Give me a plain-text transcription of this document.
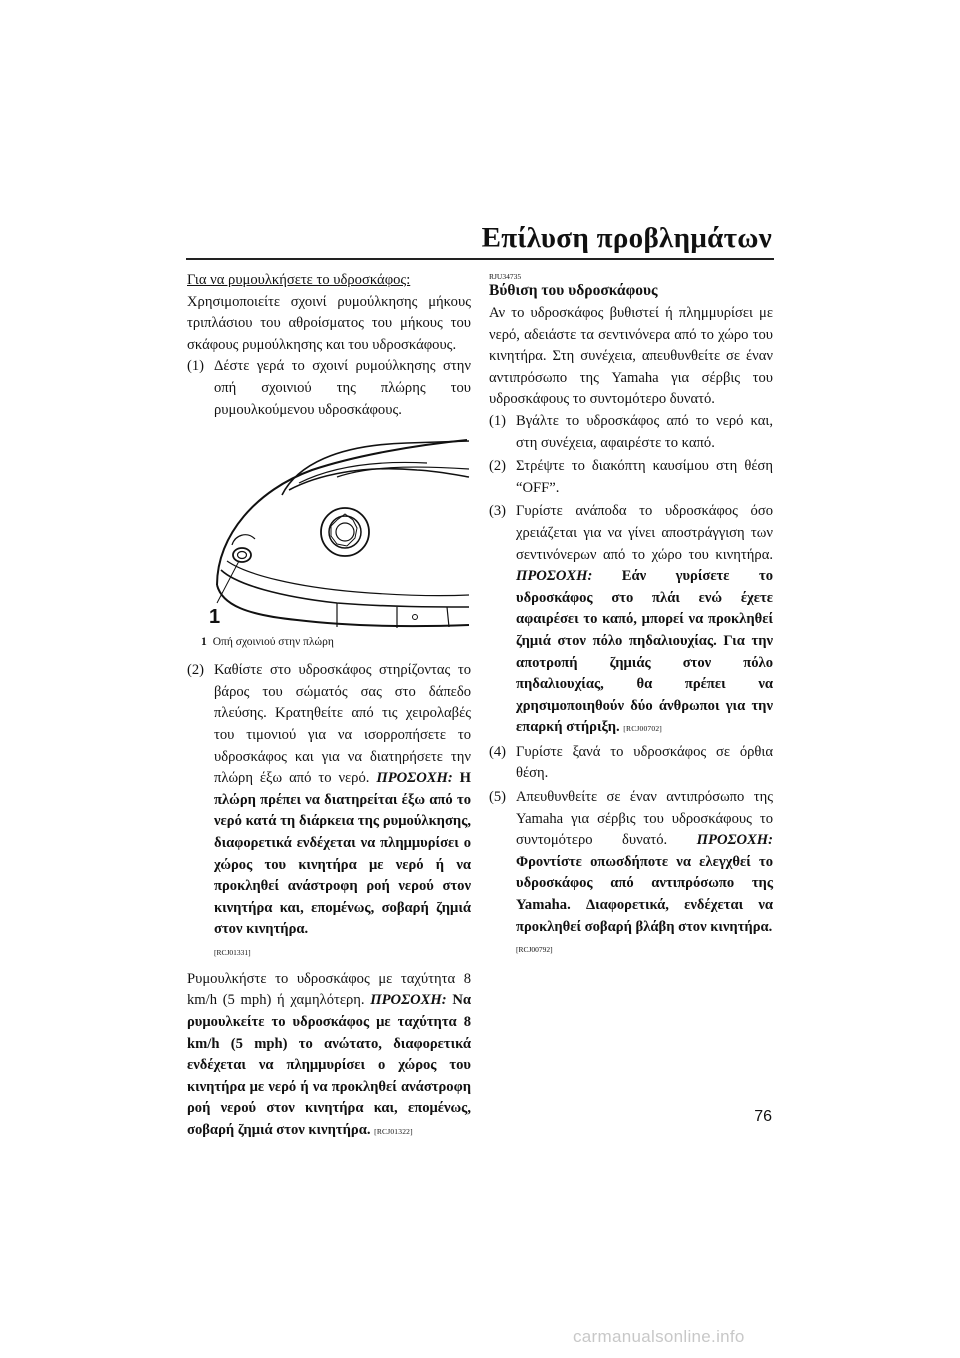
Επίλυση προβλημάτων

Για να ρυμουλκήσετε το υδροσκάφος:

Χρησιμοποιείτε σχοινί ρυμούλκησης μήκους τριπλάσιου του αθροίσματος του μήκους του σκάφους ρυμούλκησης και του υδροσκάφους.

(1) Δέστε γερά το σχοινί ρυμούλκησης στην οπή σχοινιού της πλώρης του ρυμουλκούμενου υδροσκάφους.
1
1 Οπή σχοινιού στην πλώρη
(2) Καθίστε στο υδροσκάφος στηρίζοντας το βάρος του σώματός σας στο δάπεδο πλεύσης. Κρατηθείτε από τις χειρολαβές του τιμονιού για να ισορροπήσετε το υδροσκάφος και για να διατηρήσετε την πλώρη έξω από το νερό. ΠΡΟΣΟΧΗ: Η πλώρη πρέπει να διατηρείται έξω από το νερό κατά τη διάρκεια της ρυμούλκησης, διαφορετικά ενδέχεται να πλημμυρίσει ο χώρος του κινητήρα με νερό ή να προκληθεί ανάστροφη ροή νερού στον κινητήρα και, επομένως, σοβαρή ζημιά στον κινητήρα.
[RCJ01331]

Ρυμουλκήστε το υδροσκάφος με ταχύτητα 8 km/h (5 mph) ή χαμηλότερη. ΠΡΟΣΟΧΗ: Να ρυμουλκείτε το υδροσκάφος με ταχύτητα 8 km/h (5 mph) το ανώτατο, διαφορετικά ενδέχεται να πλημμυρίσει ο χώρος του κινητήρα με νερό ή να προκληθεί ανάστροφη ροή νερού στον κινητήρα και, επομένως, σοβαρή ζημιά στον κινητήρα. [RCJ01322]

RJU34735
Βύθιση του υδροσκάφους

Αν το υδροσκάφος βυθιστεί ή πλημμυρίσει με νερό, αδειάστε τα σεντινόνερα από το χώρο του κινητήρα. Στη συνέχεια, απευθυνθείτε σε έναν αντιπρόσωπο της Yamaha για σέρβις του υδροσκάφους το συντομότερο δυνατό.

(1) Βγάλτε το υδροσκάφος από το νερό και, στη συνέχεια, αφαιρέστε το καπό.
(2) Στρέψτε το διακόπτη καυσίμου στη θέση “OFF”.
(3) Γυρίστε ανάποδα το υδροσκάφος όσο χρειάζεται για να γίνει αποστράγγιση των σεντινόνερων από το χώρο του κινητήρα. ΠΡΟΣΟΧΗ: Εάν γυρίσετε το υδροσκάφος στο πλάι ενώ έχετε αφαιρέσει το καπό, μπορεί να προκληθεί ζημιά στον πόλο πηδαλιουχίας. Για την αποτροπή ζημιάς στον πόλο πηδαλιουχίας, θα πρέπει να χρησιμοποιηθούν δύο άνθρωποι για την επαρκή στήριξη. [RCJ00702]
(4) Γυρίστε ξανά το υδροσκάφος σε όρθια θέση.
(5) Απευθυνθείτε σε έναν αντιπρόσωπο της Yamaha για σέρβις του υδροσκάφους το συντομότερο δυνατό. ΠΡΟΣΟΧΗ: Φροντίστε οπωσδήποτε να ελεγχθεί το υδροσκάφος από αντιπρόσωπο της Yamaha. Διαφορετικά, ενδέχεται να προκληθεί σοβαρή βλάβη στον κινητήρα.
[RCJ00792]
76
carmanualsonline.info
